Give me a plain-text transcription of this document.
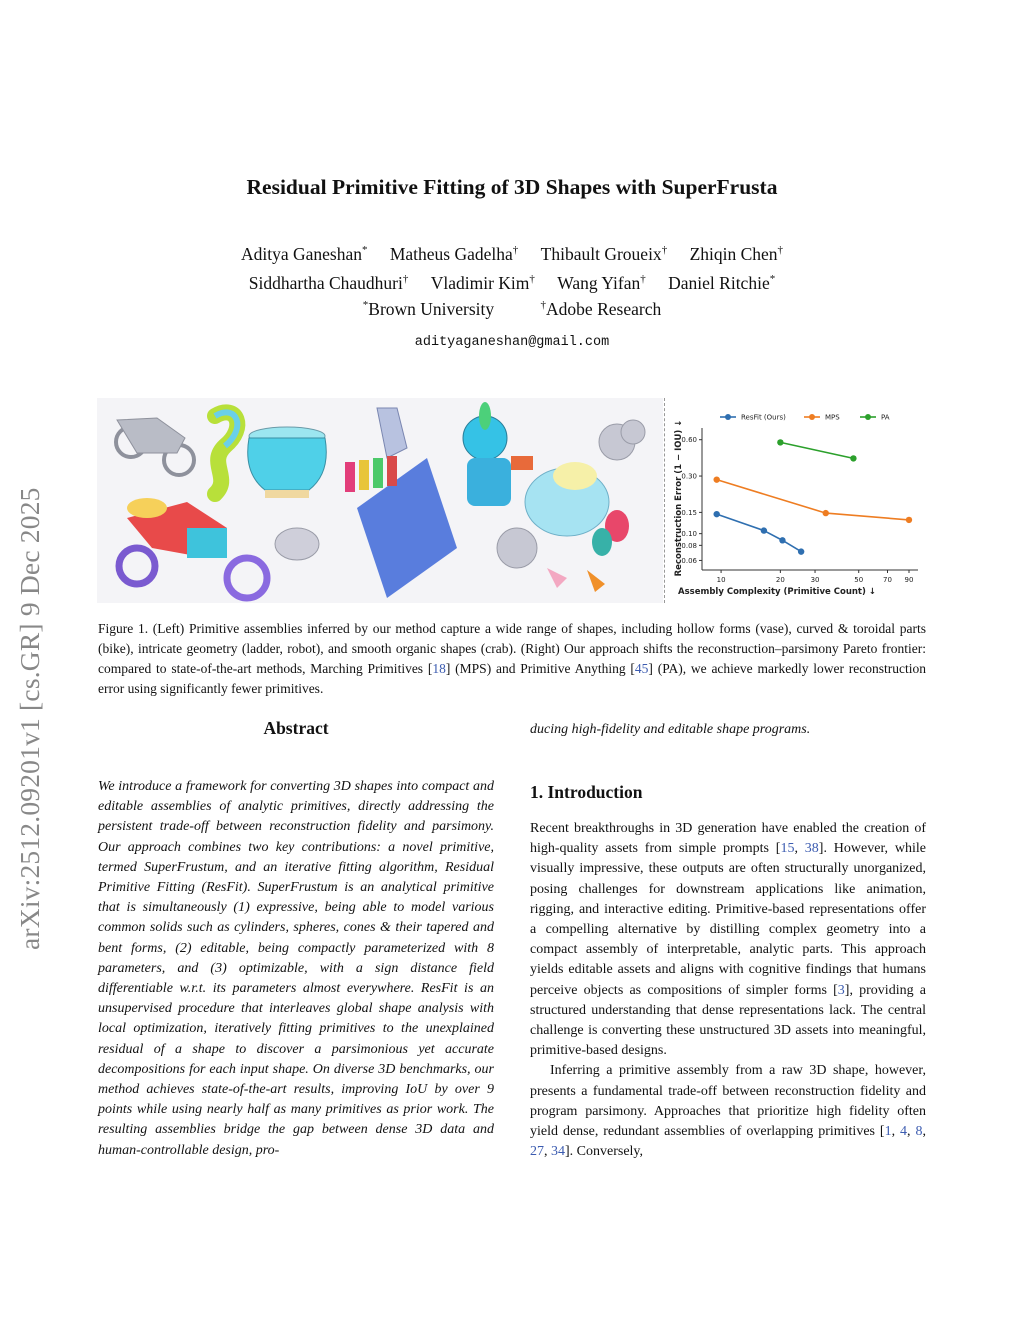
arXiv:2512.09201v1 [cs.GR] 9 Dec 2025
Residual Primitive Fitting of 3D Shapes with SuperFrusta
Aditya Ganeshan* Matheus Gadelha† Thibault Groueix† Zhiqin Chen†
Siddhartha Chaudhuri† Vladimir Kim† Wang Yifan† Daniel Ritchie*
*Brown University	†Adobe Research
adityaganeshan@gmail.com
ResFit (Ours)	MPS	PA
10	20	30	50	70 90
0.06
0.08
0.10
0.15
0.30
0.60
Assembly Complexity (Primitive Count) ↓
Reconstruction Error (1 − IOU) ↓
Figure 1. (Left) Primitive assemblies inferred by our method capture a wide range of shapes, including hollow forms (vase), curved & toroidal parts (bike), intricate geometry (ladder, robot), and smooth organic shapes (crab). (Right) Our approach shifts the reconstruction–parsimony Pareto frontier: compared to state-of-the-art methods, Marching Primitives [18] (MPS) and Primitive Anything [45] (PA), we achieve markedly lower reconstruction error using significantly fewer primitives.
Abstract
We introduce a framework for converting 3D shapes into compact and editable assemblies of analytic primitives, directly addressing the persistent trade-off between reconstruction fidelity and parsimony. Our approach combines two key contributions: a novel primitive, termed SuperFrustum, and an iterative fitting algorithm, Residual Primitive Fitting (ResFit). SuperFrustum is an analytical primitive that is simultaneously (1) expressive, being able to model various common solids such as cylinders, spheres, cones & their tapered and bent forms, (2) editable, being compactly parameterized with 8 parameters, and (3) optimizable, with a sign distance field differentiable w.r.t. its parameters almost everywhere. ResFit is an unsupervised procedure that interleaves global shape analysis with local optimization, iteratively fitting primitives to the unexplained residual of a shape to discover a parsimonious yet accurate decompositions for each input shape. On diverse 3D benchmarks, our method achieves state-of-the-art results, improving IoU by over 9 points while using nearly half as many primitives as prior work. The resulting assemblies bridge the gap between dense 3D data and human-controllable design, pro-
ducing high-fidelity and editable shape programs.
1. Introduction
Recent breakthroughs in 3D generation have enabled the creation of high-quality assets from simple prompts [15, 38]. However, while visually impressive, these outputs are often structurally unorganized, posing challenges for downstream applications like animation, rigging, and interactive editing. Primitive-based representations offer a compelling alternative by distilling complex geometry into a compact assembly of interpretable, analytic parts. This approach yields editable assets and aligns with cognitive findings that humans perceive objects as compositions of simpler forms [3], providing a structured understanding that dense representations lack. The central challenge is converting these unstructured 3D assets into meaningful, primitive-based designs.
Inferring a primitive assembly from a raw 3D shape, however, presents a fundamental trade-off between reconstruction fidelity and program parsimony. Approaches that prioritize high fidelity often yield dense, redundant assemblies of overlapping primitives [1, 4, 8, 27, 34]. Conversely,
